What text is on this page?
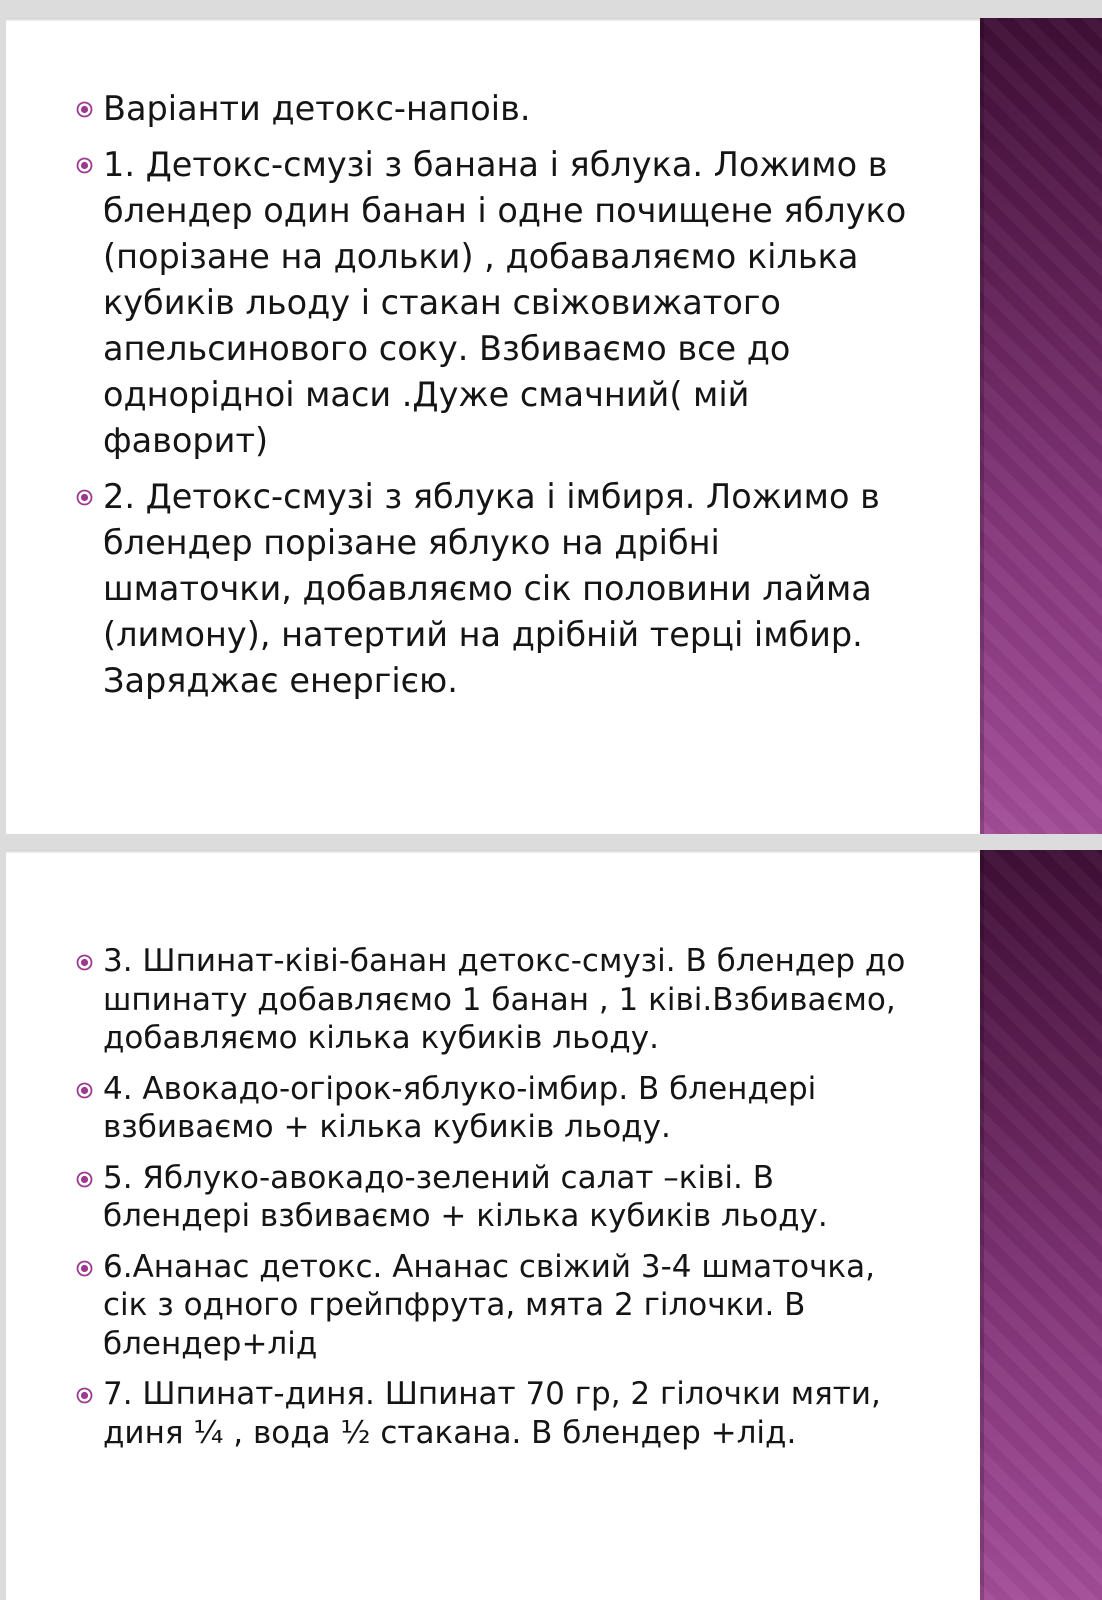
Варіанти детокс-напоів.
1. Детокс-смузі з банана і яблука. Ложимо в блендер один банан і одне почищене яблуко (порізане на дольки) , добаваляємо кілька кубиків льоду і стакан свіжовижатого апельсинового соку. Взбиваємо все до однорідноі маси .Дуже смачний( мій фаворит)
2. Детокс-смузі з яблука і імбиря. Ложимо в блендер порізане яблуко на дрібні шматочки, добавляємо сік половини лайма (лимону), натертий на дрібній терці імбир. Заряджає енергією.
3. Шпинат-ківі-банан детокс-смузі. В блендер до шпинату добавляємо 1 банан , 1 ківі.Взбиваємо, добавляємо кілька кубиків льоду.
4. Авокадо-огірок-яблуко-імбир. В блендері взбиваємо + кілька кубиків льоду.
5. Яблуко-авокадо-зелений салат –ківі. В блендері взбиваємо + кілька кубиків льоду.
6.Ананас детокс. Ананас свіжий 3-4 шматочка, сік з одного грейпфрута, мята 2 гілочки. В блендер+лід
7. Шпинат-диня. Шпинат 70 гр, 2 гілочки мяти, диня ¼ , вода ½ стакана. В блендер +лід.
